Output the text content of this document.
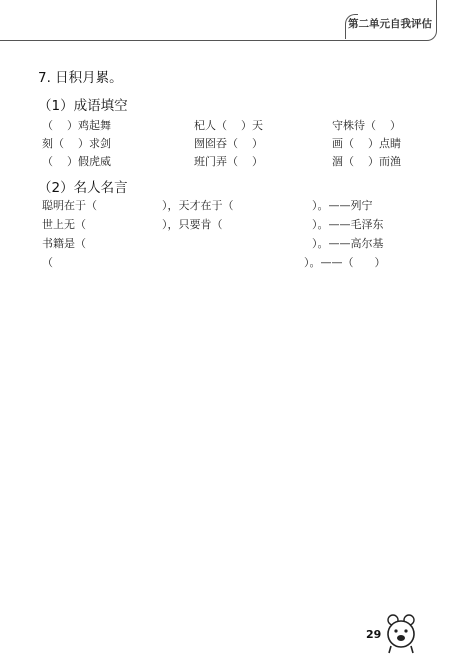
第二单元自我评估
7. 日积月累。
（1）成语填空
（    ）鸡起舞	杞人（    ）天	守株待（    ）
刻（    ）求剑	囫囵吞（    ）	画（    ）点睛
（    ）假虎威	班门弄（    ）	涸（    ）而渔
（2）名人名言
聪明在于（	），天才在于（	）。——列宁
世上无（	），只要肯（	）。——毛泽东
书籍是（	）。——高尔基
（	）。——（      ）
29
